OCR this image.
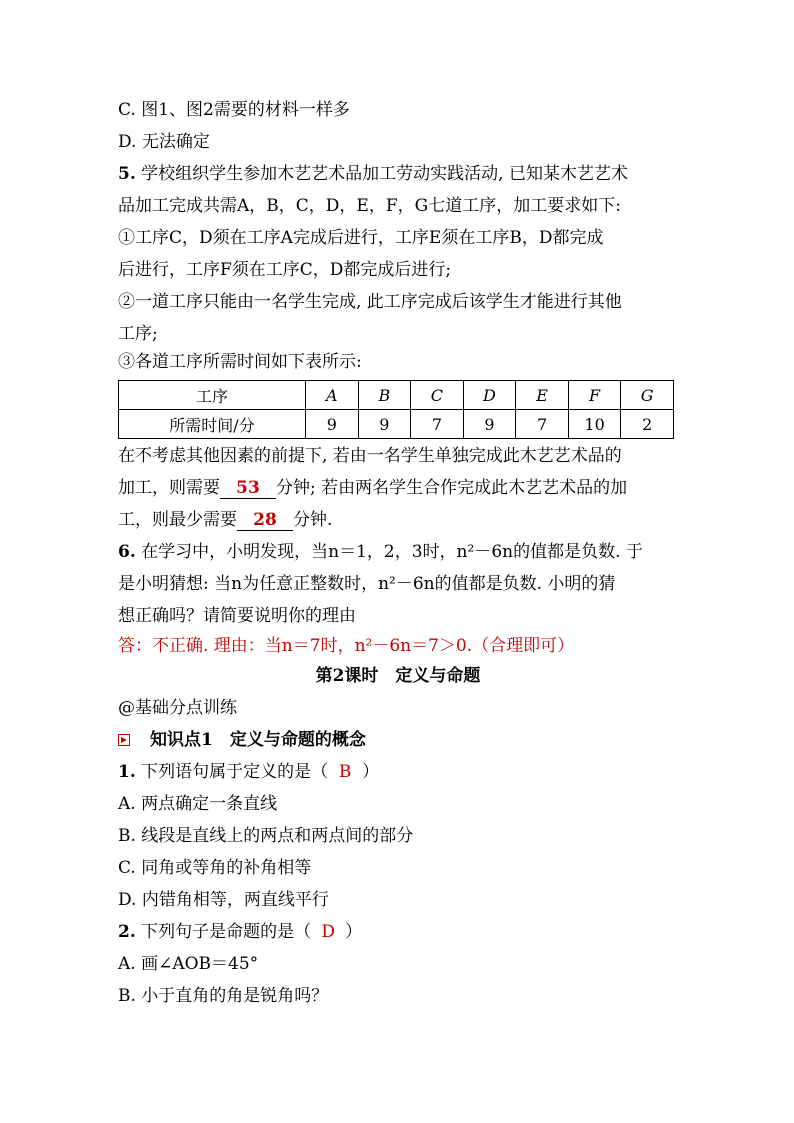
C. 图1、图2需要的材料一样多
D. 无法确定
5. 学校组织学生参加木艺艺术品加工劳动实践活动, 已知某木艺艺术
品加工完成共需A，B，C，D，E，F，G七道工序，加工要求如下:
①工序C，D须在工序A完成后进行，工序E须在工序B，D都完成
后进行，工序F须在工序C，D都完成后进行;
②一道工序只能由一名学生完成, 此工序完成后该学生才能进行其他
工序;
③各道工序所需时间如下表所示:
工序	A	B	C	D	E	F	G
所需时间/分	9	9	7	9	7	10	2
在不考虑其他因素的前提下, 若由一名学生单独完成此木艺艺术品的
加工，则需要 53 分钟; 若由两名学生合作完成此木艺艺术品的加
工，则最少需要 28 分钟.
6. 在学习中，小明发现，当n＝1，2，3时，n²－6n的值都是负数. 于
是小明猜想: 当n为任意正整数时，n²－6n的值都是负数. 小明的猜
想正确吗？请简要说明你的理由
答：不正确. 理由：当n＝7时，n²－6n＝7＞0.（合理即可）
第2课时　定义与命题
@基础分点训练
知识点1　定义与命题的概念
1. 下列语句属于定义的是（ B ）
A. 两点确定一条直线
B. 线段是直线上的两点和两点间的部分
C. 同角或等角的补角相等
D. 内错角相等，两直线平行
2. 下列句子是命题的是（ D ）
A. 画∠AOB＝45°
B. 小于直角的角是锐角吗？
